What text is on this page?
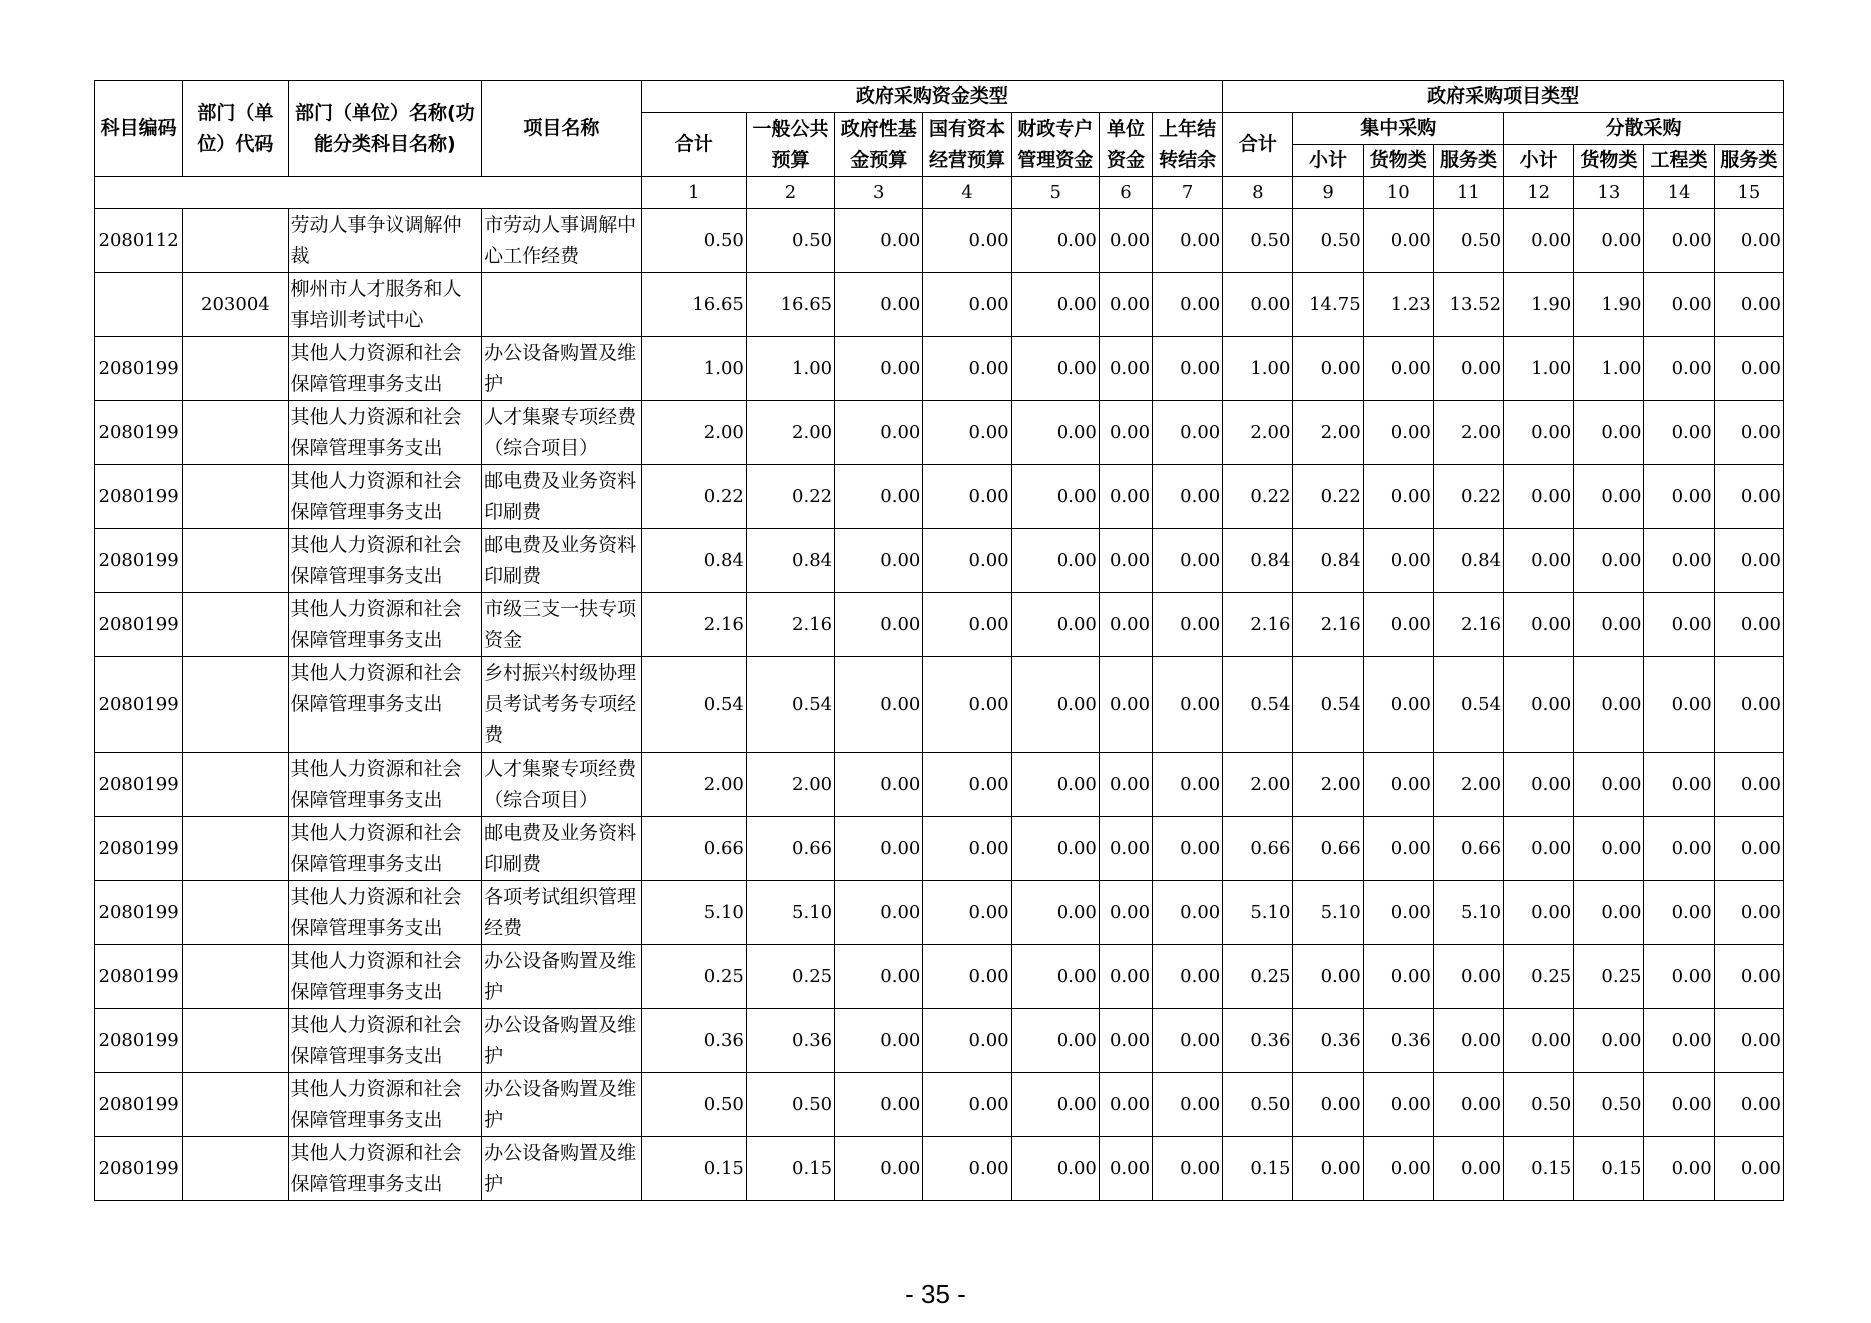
科目编码	部门（单位）代码	部门（单位）名称(功能分类科目名称)	项目名称	政府采购资金类型							政府采购项目类型							
				合计	一般公共预算	政府性基金预算	国有资本经营预算	财政专户管理资金	单位资金	上年结转结余	合计	集中采购			分散采购			
												小计	货物类	服务类	小计	货物类	工程类	服务类
				1	2	3	4	5	6	7	8	9	10	11	12	13	14	15
2080112		劳动人事争议调解仲裁	市劳动人事调解中心工作经费	0.50	0.50	0.00	0.00	0.00	0.00	0.00	0.50	0.50	0.00	0.50	0.00	0.00	0.00	0.00
	203004	柳州市人才服务和人事培训考试中心		16.65	16.65	0.00	0.00	0.00	0.00	0.00	0.00	14.75	1.23	13.52	1.90	1.90	0.00	0.00
2080199		其他人力资源和社会保障管理事务支出	办公设备购置及维护	1.00	1.00	0.00	0.00	0.00	0.00	0.00	1.00	0.00	0.00	0.00	1.00	1.00	0.00	0.00
2080199		其他人力资源和社会保障管理事务支出	人才集聚专项经费（综合项目）	2.00	2.00	0.00	0.00	0.00	0.00	0.00	2.00	2.00	0.00	2.00	0.00	0.00	0.00	0.00
2080199		其他人力资源和社会保障管理事务支出	邮电费及业务资料印刷费	0.22	0.22	0.00	0.00	0.00	0.00	0.00	0.22	0.22	0.00	0.22	0.00	0.00	0.00	0.00
2080199		其他人力资源和社会保障管理事务支出	邮电费及业务资料印刷费	0.84	0.84	0.00	0.00	0.00	0.00	0.00	0.84	0.84	0.00	0.84	0.00	0.00	0.00	0.00
2080199		其他人力资源和社会保障管理事务支出	市级三支一扶专项资金	2.16	2.16	0.00	0.00	0.00	0.00	0.00	2.16	2.16	0.00	2.16	0.00	0.00	0.00	0.00
2080199		其他人力资源和社会保障管理事务支出	乡村振兴村级协理员考试考务专项经费	0.54	0.54	0.00	0.00	0.00	0.00	0.00	0.54	0.54	0.00	0.54	0.00	0.00	0.00	0.00
2080199		其他人力资源和社会保障管理事务支出	人才集聚专项经费（综合项目）	2.00	2.00	0.00	0.00	0.00	0.00	0.00	2.00	2.00	0.00	2.00	0.00	0.00	0.00	0.00
2080199		其他人力资源和社会保障管理事务支出	邮电费及业务资料印刷费	0.66	0.66	0.00	0.00	0.00	0.00	0.00	0.66	0.66	0.00	0.66	0.00	0.00	0.00	0.00
2080199		其他人力资源和社会保障管理事务支出	各项考试组织管理经费	5.10	5.10	0.00	0.00	0.00	0.00	0.00	5.10	5.10	0.00	5.10	0.00	0.00	0.00	0.00
2080199		其他人力资源和社会保障管理事务支出	办公设备购置及维护	0.25	0.25	0.00	0.00	0.00	0.00	0.00	0.25	0.00	0.00	0.00	0.25	0.25	0.00	0.00
2080199		其他人力资源和社会保障管理事务支出	办公设备购置及维护	0.36	0.36	0.00	0.00	0.00	0.00	0.00	0.36	0.36	0.36	0.00	0.00	0.00	0.00	0.00
2080199		其他人力资源和社会保障管理事务支出	办公设备购置及维护	0.50	0.50	0.00	0.00	0.00	0.00	0.00	0.50	0.00	0.00	0.00	0.50	0.50	0.00	0.00
2080199		其他人力资源和社会保障管理事务支出	办公设备购置及维护	0.15	0.15	0.00	0.00	0.00	0.00	0.00	0.15	0.00	0.00	0.00	0.15	0.15	0.00	0.00
- 35 -
